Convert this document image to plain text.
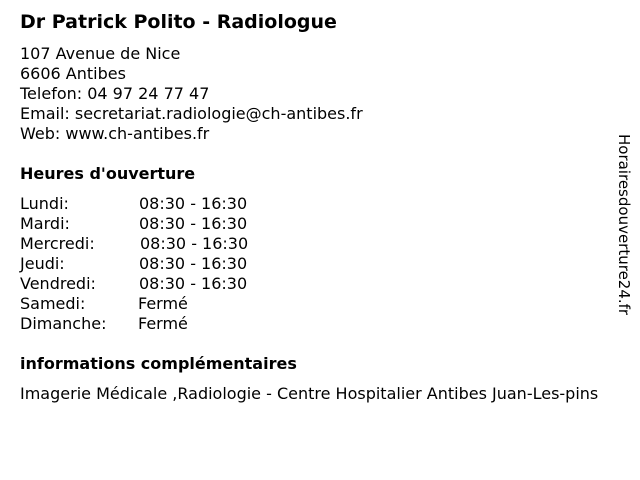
Dr Patrick Polito - Radiologue
107 Avenue de Nice
6606 Antibes
Telefon: 04 97 24 77 47
Email: secretariat.radiologie@ch-antibes.fr
Web: www.ch-antibes.fr
Heures d'ouverture
Lundi:	08:30 - 16:30
Mardi:	08:30 - 16:30
Mercredi:	08:30 - 16:30
Jeudi:	08:30 - 16:30
Vendredi:	08:30 - 16:30
Samedi:	Fermé
Dimanche: Fermé
informations complémentaires
Imagerie Médicale ,Radiologie - Centre Hospitalier Antibes Juan-Les-pins
Horairesdouverture24.fr
